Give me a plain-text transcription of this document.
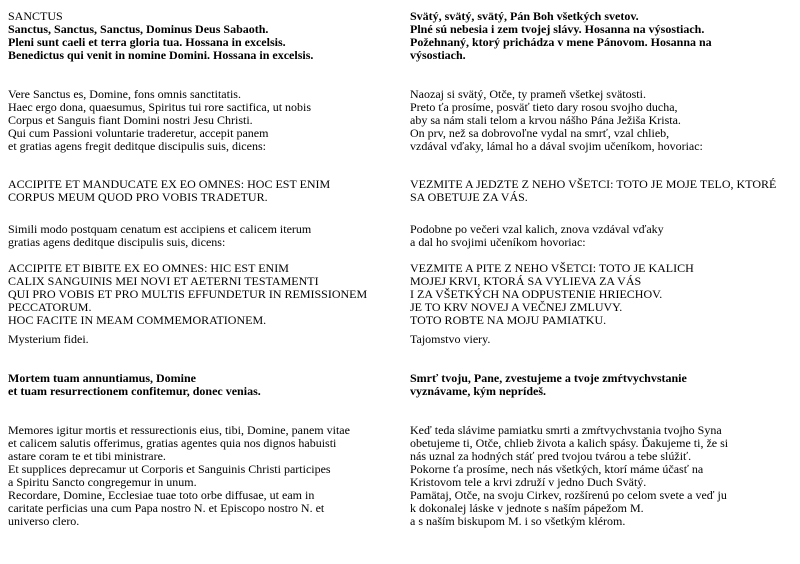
SANCTUS
Sanctus, Sanctus, Sanctus, Dominus Deus Sabaoth.
Pleni sunt caeli et terra gloria tua. Hossana in excelsis.
Benedictus qui venit in nomine Domini. Hossana in excelsis.
Vere Sanctus es, Domine, fons omnis sanctitatis.
Haec ergo dona, quaesumus, Spiritus tui rore sactifica, ut nobis
Corpus et Sanguis fiant Domini nostri Jesu Christi.
Qui cum Passioni voluntarie traderetur, accepit panem
et gratias agens fregit deditque discipulis suis, dicens:
ACCIPITE ET MANDUCATE EX EO OMNES: HOC EST ENIM
CORPUS MEUM QUOD PRO VOBIS TRADETUR.
Simili modo postquam cenatum est accipiens et calicem iterum
gratias agens deditque discipulis suis, dicens:
ACCIPITE ET BIBITE EX EO OMNES: HIC EST ENIM
CALIX SANGUINIS MEI NOVI ET AETERNI TESTAMENTI
QUI PRO VOBIS ET PRO MULTIS EFFUNDETUR IN REMISSIONEM
PECCATORUM.
HOC FACITE IN MEAM COMMEMORATIONEM.
Mysterium fidei.
Mortem tuam annuntiamus, Domine
et tuam resurrectionem confitemur, donec venias.
Memores igitur mortis et ressurectionis eius, tibi, Domine, panem vitae
et calicem salutis offerimus, gratias agentes quia nos dignos habuisti
astare coram te et tibi ministrare.
Et supplices deprecamur ut Corporis et Sanguinis Christi participes
a Spiritu Sancto congregemur in unum.
Recordare, Domine, Ecclesiae tuae toto orbe diffusae, ut eam in
caritate perficias una cum Papa nostro N. et Episcopo nostro N. et
universo clero.
Svätý, svätý, svätý, Pán Boh všetkých svetov.
Plné sú nebesia i zem tvojej slávy. Hosanna na výsostiach.
Požehnaný, ktorý prichádza v mene Pánovom. Hosanna na
výsostiach.
Naozaj si svätý, Otče, ty prameň všetkej svätosti.
Preto ťa prosíme, posväť tieto dary rosou svojho ducha,
aby sa nám stali telom a krvou nášho Pána Ježiša Krista.
On prv, než sa dobrovoľne vydal na smrť, vzal chlieb,
vzdával vďaky, lámal ho a dával svojim učeníkom, hovoriac:
VEZMITE A JEDZTE Z NEHO VŠETCI: TOTO JE MOJE TELO, KTORÉ
SA OBETUJE ZA VÁS.
Podobne po večeri vzal kalich, znova vzdával vďaky
a dal ho svojimi učeníkom hovoriac:
VEZMITE A PITE Z NEHO VŠETCI: TOTO JE KALICH
MOJEJ KRVI, KTORÁ SA VYLIEVA ZA VÁS
I ZA VŠETKÝCH NA ODPUSTENIE HRIECHOV.
JE TO KRV NOVEJ A VEČNEJ ZMLUVY.
TOTO ROBTE NA MOJU PAMIATKU.
Tajomstvo viery.
Smrť tvoju, Pane, zvestujeme a tvoje zmŕtvychvstanie
vyznávame, kým neprídeš.
Keď teda slávime pamiatku smrti a zmŕtvychvstania tvojho Syna
obetujeme ti, Otče, chlieb života a kalich spásy. Ďakujeme ti, že si
nás uznal za hodných stáť pred tvojou tvárou a tebe slúžiť.
Pokorne ťa prosíme, nech nás všetkých, ktorí máme účasť na
Kristovom tele a krvi združí v jedno Duch Svätý.
Pamätaj, Otče, na svoju Cirkev, rozšírenú po celom svete a veď ju
k dokonalej láske v jednote s naším pápežom M.
a s naším biskupom M. i so všetkým klérom.
